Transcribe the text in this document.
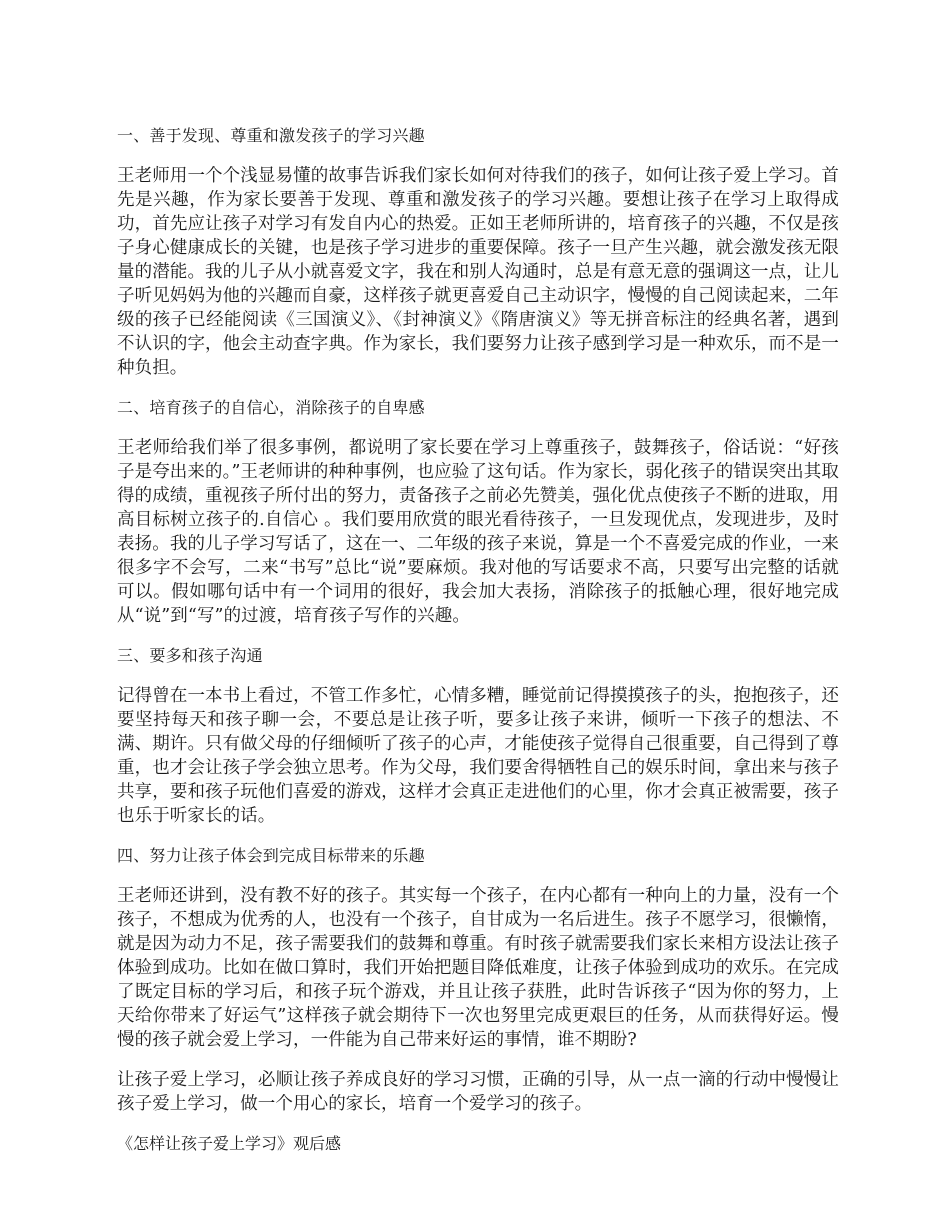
一、善于发现、尊重和激发孩子的学习兴趣
王老师用一个个浅显易懂的故事告诉我们家长如何对待我们的孩子，如何让孩子爱上学习。首先是兴趣，作为家长要善于发现、尊重和激发孩子的学习兴趣。要想让孩子在学习上取得成功，首先应让孩子对学习有发自内心的热爱。正如王老师所讲的，培育孩子的兴趣，不仅是孩子身心健康成长的关键，也是孩子学习进步的重要保障。孩子一旦产生兴趣，就会激发孩无限量的潜能。我的儿子从小就喜爱文字，我在和别人沟通时，总是有意无意的强调这一点，让儿子听见妈妈为他的兴趣而自豪，这样孩子就更喜爱自己主动识字，慢慢的自己阅读起来，二年级的孩子已经能阅读《三国演义》、《封神演义》《隋唐演义》等无拼音标注的经典名著，遇到不认识的字，他会主动查字典。作为家长，我们要努力让孩子感到学习是一种欢乐，而不是一种负担。
二、培育孩子的自信心，消除孩子的自卑感
王老师给我们举了很多事例，都说明了家长要在学习上尊重孩子，鼓舞孩子，俗话说：“好孩子是夸出来的。”王老师讲的种种事例，也应验了这句话。作为家长，弱化孩子的错误突出其取得的成绩，重视孩子所付出的努力，责备孩子之前必先赞美，强化优点使孩子不断的进取，用高目标树立孩子的.自信心 。我们要用欣赏的眼光看待孩子，一旦发现优点，发现进步，及时表扬。我的儿子学习写话了，这在一、二年级的孩子来说，算是一个不喜爱完成的作业，一来很多字不会写，二来“书写”总比“说”要麻烦。我对他的写话要求不高，只要写出完整的话就可以。假如哪句话中有一个词用的很好，我会加大表扬，消除孩子的抵触心理，很好地完成从“说”到“写”的过渡，培育孩子写作的兴趣。
三、要多和孩子沟通
记得曾在一本书上看过，不管工作多忙，心情多糟，睡觉前记得摸摸孩子的头，抱抱孩子，还要坚持每天和孩子聊一会，不要总是让孩子听，要多让孩子来讲，倾听一下孩子的想法、不满、期许。只有做父母的仔细倾听了孩子的心声，才能使孩子觉得自己很重要，自己得到了尊重，也才会让孩子学会独立思考。作为父母，我们要舍得牺牲自己的娱乐时间，拿出来与孩子共享，要和孩子玩他们喜爱的游戏，这样才会真正走进他们的心里，你才会真正被需要，孩子也乐于听家长的话。
四、努力让孩子体会到完成目标带来的乐趣
王老师还讲到，没有教不好的孩子。其实每一个孩子，在内心都有一种向上的力量，没有一个孩子，不想成为优秀的人，也没有一个孩子，自甘成为一名后进生。孩子不愿学习，很懒惰，就是因为动力不足，孩子需要我们的鼓舞和尊重。有时孩子就需要我们家长来相方设法让孩子体验到成功。比如在做口算时，我们开始把题目降低难度，让孩子体验到成功的欢乐。在完成了既定目标的学习后，和孩子玩个游戏，并且让孩子获胜，此时告诉孩子“因为你的努力，上天给你带来了好运气”这样孩子就会期待下一次也努里完成更艰巨的任务，从而获得好运。慢慢的孩子就会爱上学习，一件能为自己带来好运的事情，谁不期盼?
让孩子爱上学习，必顺让孩子养成良好的学习习惯，正确的引导，从一点一滴的行动中慢慢让孩子爱上学习，做一个用心的家长，培育一个爱学习的孩子。
《怎样让孩子爱上学习》观后感
